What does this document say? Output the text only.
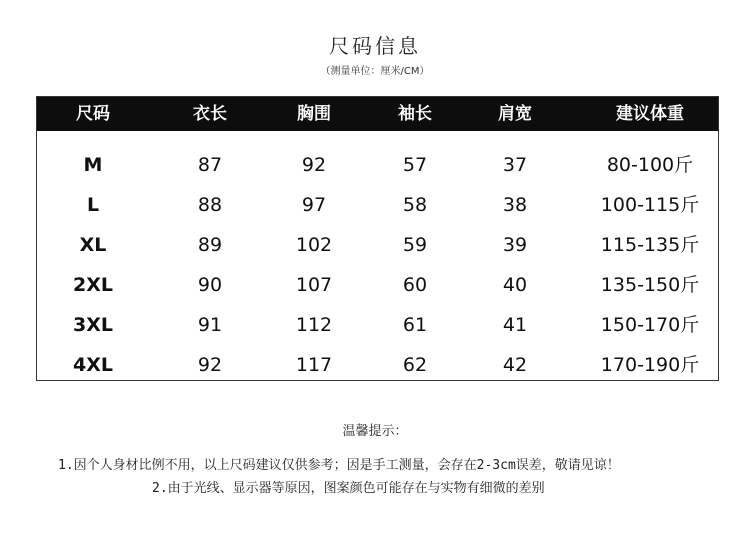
尺码信息
（测量单位：厘米/CM）
尺码	衣长	胸围	袖长	肩宽	建议体重
M	87	92	57	37	80-100斤
L	88	97	58	38	100-115斤
XL	89	102	59	39	115-135斤
2XL	90	107	60	40	135-150斤
3XL	91	112	61	41	150-170斤
4XL	92	117	62	42	170-190斤
温馨提示：
1.因个人身材比例不用，以上尺码建议仅供参考；因是手工测量，会存在2-3cm误差，敬请见谅！
2.由于光线、显示器等原因，图案颜色可能存在与实物有细微的差别
